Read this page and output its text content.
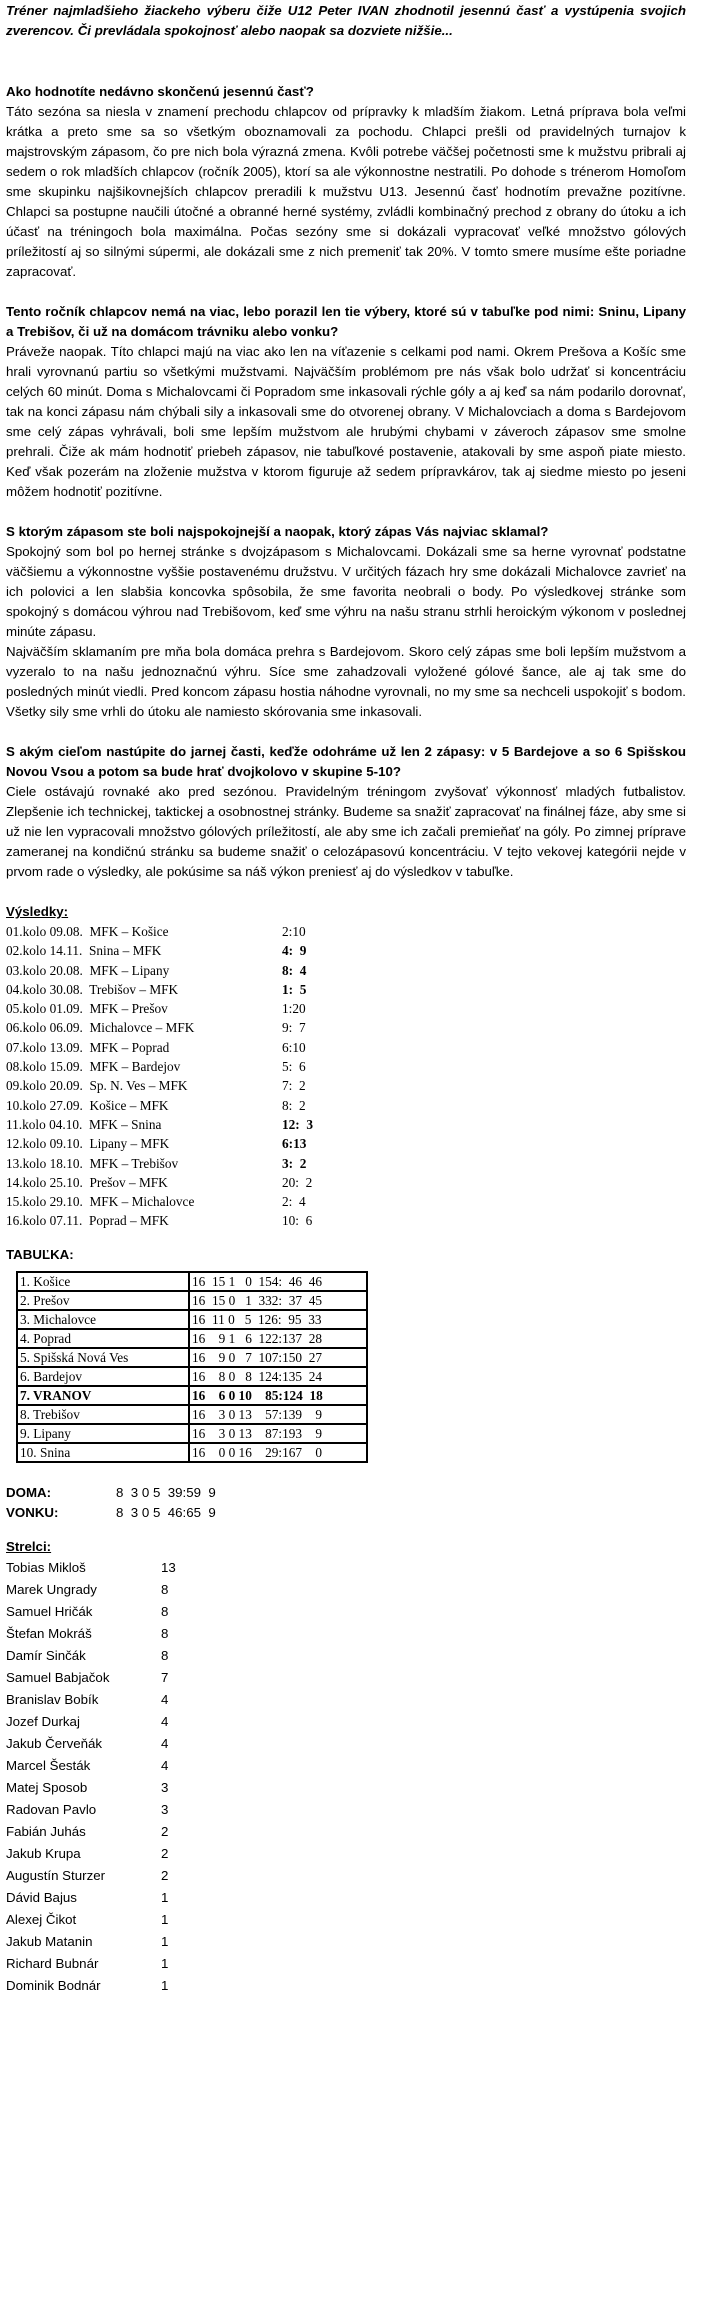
Tréner najmladšieho žiackeho výberu čiže U12 Peter IVAN zhodnotil jesennú časť a vystúpenia svojich zverencov. Či prevládala spokojnosť alebo naopak sa dozviete nižšie...

Ako hodnotíte nedávno skončenú jesennú časť?

Táto sezóna sa niesla v znamení prechodu chlapcov od prípravky k mladším žiakom. Letná príprava bola veľmi krátka a preto sme sa so všetkým oboznamovali za pochodu. Chlapci prešli od pravidelných turnajov k majstrovským zápasom, čo pre nich bola výrazná zmena. Kvôli potrebe väčšej početnosti sme k mužstvu pribrali aj sedem o rok mladších chlapcov (ročník 2005), ktorí sa ale výkonnostne nestratili. Po dohode s trénerom Homoľom sme skupinku najšikovnejších chlapcov preradili k mužstvu U13. Jesennú časť hodnotím prevažne pozitívne. Chlapci sa postupne naučili útočné a obranné herné systémy, zvládli kombinačný prechod z obrany do útoku a ich účasť na tréningoch bola maximálna. Počas sezóny sme si dokázali vypracovať veľké množstvo gólových príležitostí aj so silnými súpermi, ale dokázali sme z nich premeniť tak 20%. V tomto smere musíme ešte poriadne zapracovať.

Tento ročník chlapcov nemá na viac, lebo porazil len tie výbery, ktoré sú v tabuľke pod nimi: Sninu, Lipany a Trebišov, či už na domácom trávniku alebo vonku?

Práveže naopak. Títo chlapci majú na viac ako len na víťazenie s celkami pod nami. Okrem Prešova a Košíc sme hrali vyrovnanú partiu so všetkými mužstvami. Najväčším problémom pre nás však bolo udržať si koncentráciu celých 60 minút. Doma s Michalovcami či Popradom sme inkasovali rýchle góly a aj keď sa nám podarilo dorovnať, tak na konci zápasu nám chýbali sily a inkasovali sme do otvorenej obrany. V Michalovciach a doma s Bardejovom sme celý zápas vyhrávali, boli sme lepším mužstvom ale hrubými chybami v záveroch zápasov sme smolne prehrali. Čiže ak mám hodnotiť priebeh zápasov, nie tabuľkové postavenie, atakovali by sme aspoň piate miesto. Keď však pozerám na zloženie mužstva v ktorom figuruje až sedem prípravkárov, tak aj siedme miesto po jeseni môžem hodnotiť pozitívne.

S ktorým zápasom ste boli najspokojnejší a naopak, ktorý zápas Vás najviac sklamal?

Spokojný som bol po hernej stránke s dvojzápasom s Michalovcami. Dokázali sme sa herne vyrovnať podstatne väčšiemu a výkonnostne vyššie postavenému družstvu. V určitých fázach hry sme dokázali Michalovce zavrieť na ich polovici a len slabšia koncovka spôsobila, že sme favorita neobrali o body. Po výsledkovej stránke som spokojný s domácou výhrou nad Trebišovom, keď sme výhru na našu stranu strhli heroickým výkonom v poslednej minúte zápasu.

Najväčším sklamaním pre mňa bola domáca prehra s Bardejovom. Skoro celý zápas sme boli lepším mužstvom a vyzeralo to na našu jednoznačnú výhru. Síce sme zahadzovali vyložené gólové šance, ale aj tak sme do posledných minút viedli. Pred koncom zápasu hostia náhodne vyrovnali, no my sme sa nechceli uspokojiť s bodom. Všetky sily sme vrhli do útoku ale namiesto skórovania sme inkasovali.

S akým cieľom nastúpite do jarnej časti, keďže odohráme už len 2 zápasy: v 5 Bardejove a so 6 Spišskou Novou Vsou a potom sa bude hrať dvojkolovo v skupine 5-10?

Ciele ostávajú rovnaké ako pred sezónou. Pravidelným tréningom zvyšovať výkonnosť mladých futbalistov. Zlepšenie ich technickej, taktickej a osobnostnej stránky. Budeme sa snažiť zapracovať na finálnej fáze, aby sme si už nie len vypracovali množstvo gólových príležitostí, ale aby sme ich začali premieňať na góly. Po zimnej príprave zameranej na kondičnú stránku sa budeme snažiť o celozápasovú koncentráciu. V tejto vekovej kategórii nejde v prvom rade o výsledky, ale pokúsime sa náš výkon preniesť aj do výsledkov v tabuľke.

Výsledky:
01.kolo 09.08.  MFK – Košice	2:10
02.kolo 14.11.  Snina – MFK	4:  9
03.kolo 20.08.  MFK – Lipany	8:  4
04.kolo 30.08.  Trebišov – MFK	1:  5
05.kolo 01.09.  MFK – Prešov	1:20
06.kolo 06.09.  Michalovce – MFK	9:  7
07.kolo 13.09.  MFK – Poprad	6:10
08.kolo 15.09.  MFK – Bardejov	5:  6
09.kolo 20.09.  Sp. N. Ves – MFK	7:  2
10.kolo 27.09.  Košice – MFK	8:  2
11.kolo 04.10.  MFK – Snina	12:  3
12.kolo 09.10.  Lipany – MFK	6:13
13.kolo 18.10.  MFK – Trebišov	3:  2
14.kolo 25.10.  Prešov – MFK	20:  2
15.kolo 29.10.  MFK – Michalovce	2:  4
16.kolo 07.11.  Poprad – MFK	10:  6
TABUĽKA:
1. Košice	16  15 1   0  154:  46  46
2. Prešov	16  15 0   1  332:  37  45
3. Michalovce	16  11 0   5  126:  95  33
4. Poprad	16    9 1   6  122:137  28
5. Spišská Nová Ves	16    9 0   7  107:150  27
6. Bardejov	16    8 0   8  124:135  24
7. VRANOV	16    6 0 10    85:124  18
8. Trebišov	16    3 0 13    57:139    9
9. Lipany	16    3 0 13    87:193    9
10. Snina	16    0 0 16    29:167    0
DOMA:	8  3 0 5  39:59  9
VONKU:	8  3 0 5  46:65  9
Strelci:
Tobias Mikloš	13
Marek Ungrady	8
Samuel Hričák	8
Štefan Mokráš	8
Damír Sinčák	8
Samuel Babjačok	7
Branislav Bobík	4
Jozef Durkaj	4
Jakub Červeňák	4
Marcel Šesták	4
Matej Sposob	3
Radovan Pavlo	3
Fabián Juhás	2
Jakub Krupa	2
Augustín Sturzer	2
Dávid Bajus	1
Alexej Čikot	1
Jakub Matanin	1
Richard Bubnár	1
Dominik Bodnár	1
